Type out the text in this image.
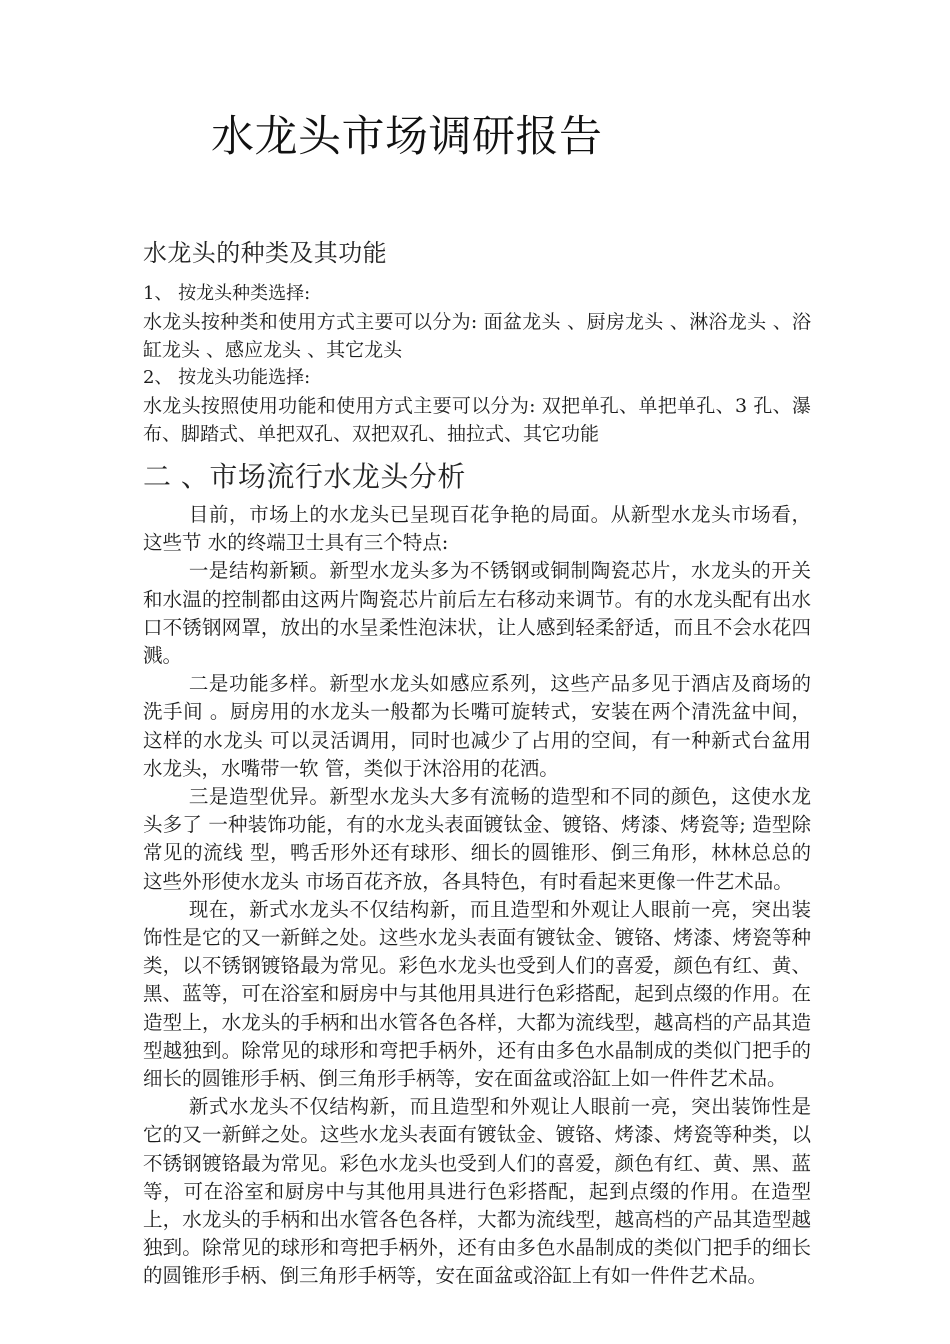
水龙头市场调研报告
水龙头的种类及其功能

1、 按龙头种类选择:

水龙头按种类和使用方式主要可以分为: 面盆龙头 、厨房龙头 、淋浴龙头 、浴缸龙头 、感应龙头 、其它龙头

2、 按龙头功能选择:

水龙头按照使用功能和使用方式主要可以分为: 双把单孔、单把单孔、3 孔、瀑布、脚踏式、单把双孔、双把双孔、抽拉式、其它功能

二 、市场流行水龙头分析

目前，市场上的水龙头已呈现百花争艳的局面。从新型水龙头市场看，这些节 水的终端卫士具有三个特点:

一是结构新颖。新型水龙头多为不锈钢或铜制陶瓷芯片，水龙头的开关和水温的控制都由这两片陶瓷芯片前后左右移动来调节。有的水龙头配有出水口不锈钢网罩，放出的水呈柔性泡沫状，让人感到轻柔舒适，而且不会水花四溅。

二是功能多样。新型水龙头如感应系列，这些产品多见于酒店及商场的洗手间 。厨房用的水龙头一般都为长嘴可旋转式，安装在两个清洗盆中间，这样的水龙头 可以灵活调用，同时也减少了占用的空间，有一种新式台盆用水龙头，水嘴带一软 管，类似于沐浴用的花洒。

三是造型优异。新型水龙头大多有流畅的造型和不同的颜色，这使水龙头多了 一种装饰功能，有的水龙头表面镀钛金、镀铬、烤漆、烤瓷等; 造型除常见的流线 型，鸭舌形外还有球形、细长的圆锥形、倒三角形，林林总总的这些外形使水龙头 市场百花齐放，各具特色，有时看起来更像一件艺术品。

现在，新式水龙头不仅结构新，而且造型和外观让人眼前一亮，突出装饰性是它的又一新鲜之处。这些水龙头表面有镀钛金、镀铬、烤漆、烤瓷等种类，以不锈钢镀铬最为常见。彩色水龙头也受到人们的喜爱，颜色有红、黄、黑、蓝等，可在浴室和厨房中与其他用具进行色彩搭配，起到点缀的作用。在造型上，水龙头的手柄和出水管各色各样，大都为流线型，越高档的产品其造型越独到。除常见的球形和弯把手柄外，还有由多色水晶制成的类似门把手的细长的圆锥形手柄、倒三角形手柄等，安在面盆或浴缸上如一件件艺术品。

新式水龙头不仅结构新，而且造型和外观让人眼前一亮，突出装饰性是它的又一新鲜之处。这些水龙头表面有镀钛金、镀铬、烤漆、烤瓷等种类，以不锈钢镀铬最为常见。彩色水龙头也受到人们的喜爱，颜色有红、黄、黑、蓝等，可在浴室和厨房中与其他用具进行色彩搭配，起到点缀的作用。在造型上，水龙头的手柄和出水管各色各样，大都为流线型，越高档的产品其造型越独到。除常见的球形和弯把手柄外，还有由多色水晶制成的类似门把手的细长的圆锥形手柄、倒三角形手柄等，安在面盆或浴缸上有如一件件艺术品。
